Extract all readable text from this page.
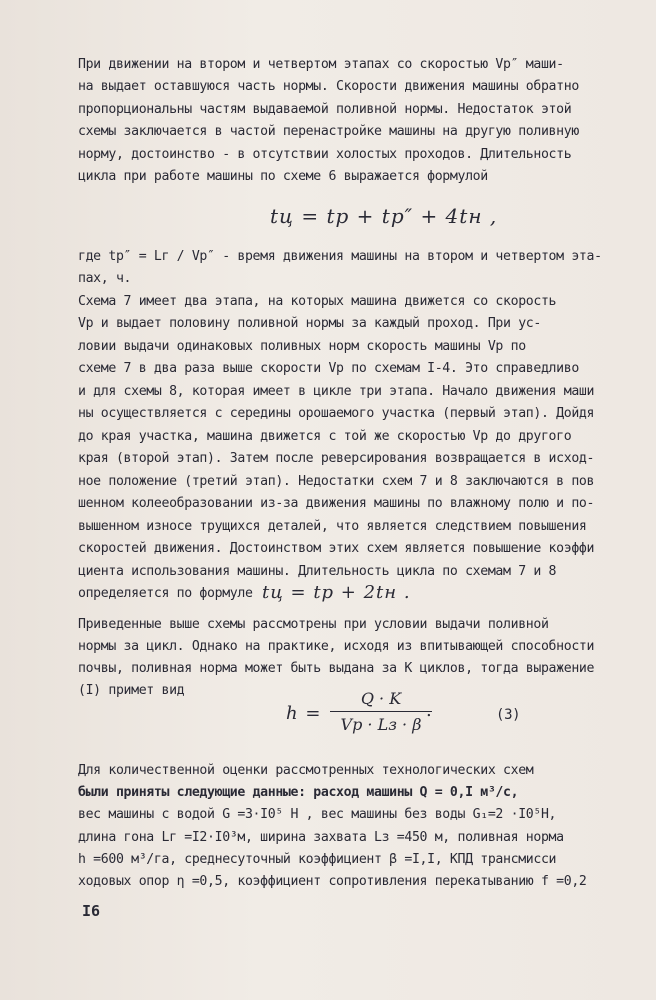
При движении на втором и четвертом этапах со скоростью Vp″ маши-
на выдает оставшуюся часть нормы. Скорости движения машины обратно
пропорциональны частям выдаваемой поливной нормы. Недостаток этой
схемы заключается в частой перенастройке машины на другую поливную
норму, достоинство - в отсутствии холостых проходов. Длительность
цикла при работе машины по схеме 6 выражается формулой
tц = tp + tp″ + 4tн ,
где tp″ = Lг / Vp″ - время движения машины на втором и четвертом эта-
пах, ч.
Схема 7 имеет два этапа, на которых машина движется со скорость
Vp и выдает половину поливной нормы за каждый проход. При ус-
ловии выдачи одинаковых поливных норм скорость машины Vp по
схеме 7 в два раза выше скорости Vp по схемам I-4. Это справедливо
и для схемы 8, которая имеет в цикле три этапа. Начало движения маши
ны осуществляется с середины орошаемого участка (первый этап). Дойдя
до края участка, машина движется с той же скоростью Vp до другого
края (второй этап). Затем после реверсирования возвращается в исход-
ное положение (третий этап). Недостатки схем 7 и 8 заключаются в пов
шенном колееобразовании из-за движения машины по влажному полю и по-
вышенном износе трущихся деталей, что является следствием повышения
скоростей движения. Достоинством этих схем является повышение коэффи
циента использования машины. Длительность цикла по схемам 7 и 8
определяется по формуле tц = tp + 2tн .
Приведенные выше схемы рассмотрены при условии выдачи поливной
нормы за цикл. Однако на практике, исходя из впитывающей способности
почвы, поливная норма может быть выдана за K циклов, тогда выражение
(I) примет вид
h =
Q · K
Vp · Lз · β
.	(3)
Для количественной оценки рассмотренных технологических схем
были приняты следующие данные: расход машины Q = 0,I м³/c,
вес машины с водой G =3·I0⁵ H , вес машины без воды G₁=2 ·I0⁵H,
длина гона Lг =I2·I0³м, ширина захвата Lз =450 м, поливная норма
h =600 м³/га, среднесуточный коэффициент β =I,I, КПД трансмисси
ходовых опор η =0,5, коэффициент сопротивления перекатыванию f =0,2
I6
